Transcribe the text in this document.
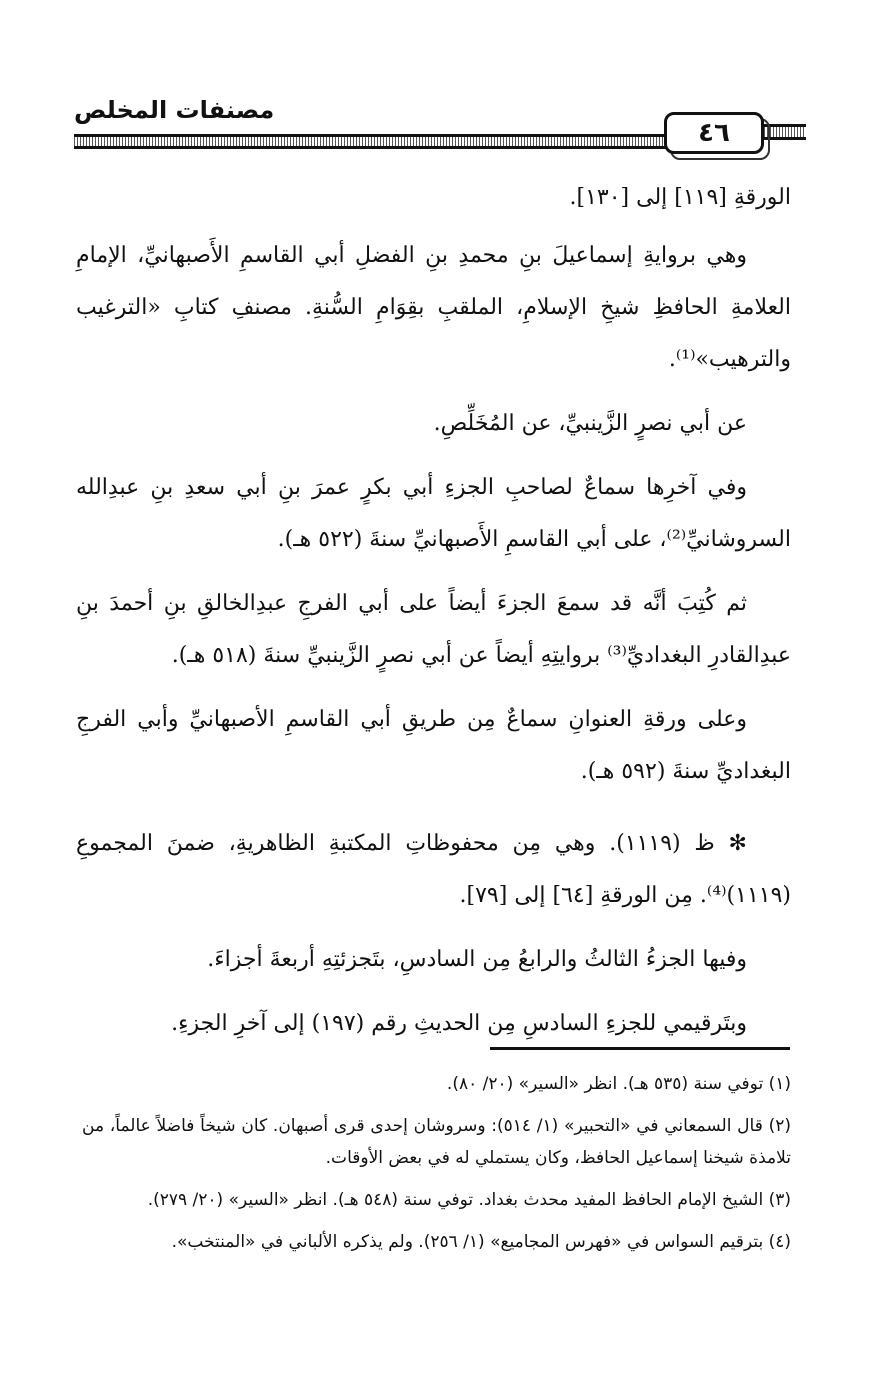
مصنفات المخلص
٤٦

الورقةِ [١١٩] إلى [١٣٠].

وهي بروايةِ إسماعيلَ بنِ محمدِ بنِ الفضلِ أبي القاسمِ الأَصبهانيِّ، الإمامِ العلامةِ الحافظِ شيخِ الإسلامِ، الملقبِ بقِوَامِ السُّنةِ. مصنفِ كتابِ «الترغيب والترهيب»⁽¹⁾.

عن أبي نصرٍ الزَّينبيِّ، عن المُخَلِّصِ.

وفي آخرِها سماعٌ لصاحبِ الجزءِ أبي بكرٍ عمرَ بنِ أبي سعدِ بنِ عبدِالله السروشانيِّ⁽²⁾، على أبي القاسمِ الأَصبهانيِّ سنةَ (٥٢٢ هـ).

ثم كُتِبَ أنَّه قد سمعَ الجزءَ أيضاً على أبي الفرجِ عبدِالخالقِ بنِ أحمدَ بنِ عبدِالقادرِ البغداديِّ⁽³⁾ بروايتِهِ أيضاً عن أبي نصرٍ الزَّينبيِّ سنةَ (٥١٨ هـ).

وعلى ورقةِ العنوانِ سماعٌ مِن طريقِ أبي القاسمِ الأصبهانيِّ وأبي الفرجِ البغداديِّ سنةَ (٥٩٢ هـ).

✻ ظ (١١١٩). وهي مِن محفوظاتِ المكتبةِ الظاهريةِ، ضمنَ المجموعِ (١١١٩)⁽⁴⁾. مِن الورقةِ [٦٤] إلى [٧٩].

وفيها الجزءُ الثالثُ والرابعُ مِن السادسِ، بتَجزئتِهِ أربعةَ أجزاءَ.

وبتَرقيمي للجزءِ السادسِ مِن الحديثِ رقم (١٩٧) إلى آخرِ الجزءِ.

(١) توفي سنة (٥٣٥ هـ). انظر «السير» (٢٠/ ٨٠).

(٢) قال السمعاني في «التحبير» (١/ ٥١٤): وسروشان إحدى قرى أصبهان. كان شيخاً فاضلاً عالماً، من تلامذة شيخنا إسماعيل الحافظ، وكان يستملي له في بعض الأوقات.

(٣) الشيخ الإمام الحافظ المفيد محدث بغداد. توفي سنة (٥٤٨ هـ). انظر «السير» (٢٠/ ٢٧٩).

(٤) بترقيم السواس في «فهرس المجاميع» (١/ ٢٥٦). ولم يذكره الألباني في «المنتخب».
